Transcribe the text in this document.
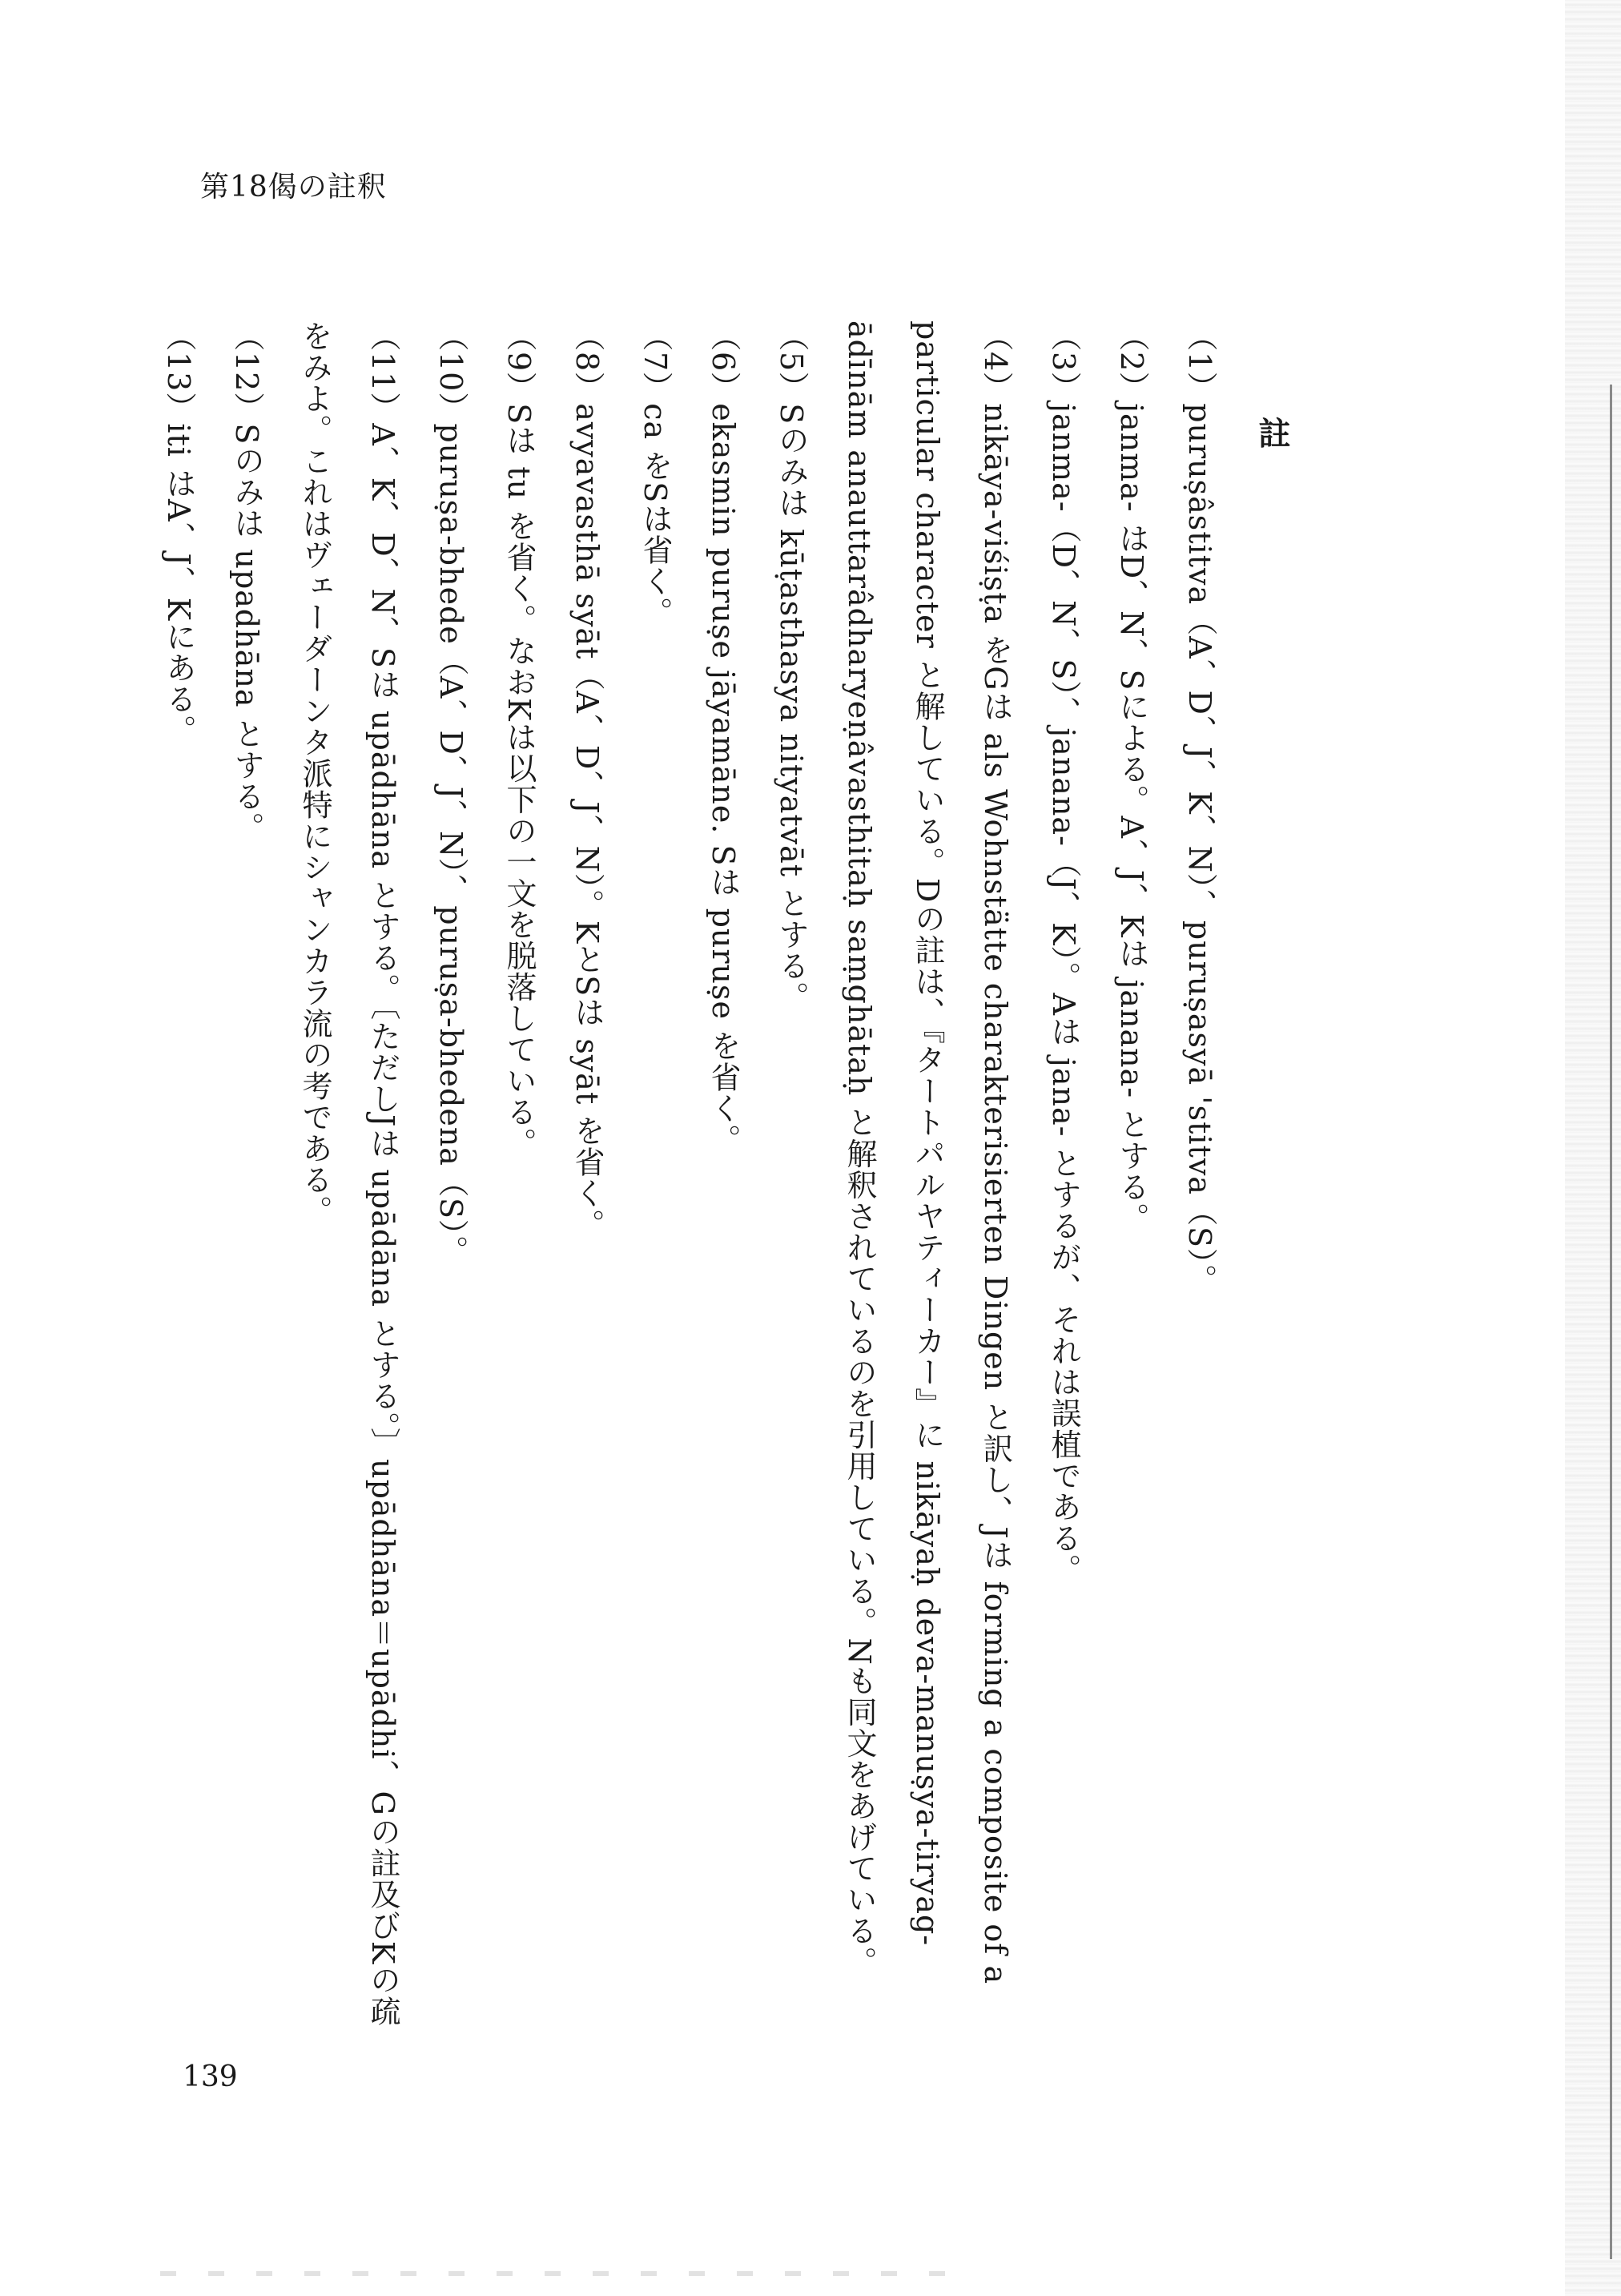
第18偈の註釈
註

（1）puruṣâstitva（A、D、J、K、N）、puruṣasyā 'stitva（S）。

（2）janma- はD、N、Sによる。A、J、Kは janana- とする。

（3）janma-（D、N、S）、janana-（J、K）。Aは jana- とするが、それは誤植である。

（4）nikāya-viśiṣṭa をGは als Wohnstätte charakterisierten Dingen と訳し、Jは forming a composite of a particular character と解している。Dの註は、『タートパルヤティーカー』に nikāyaḥ deva-manuṣya-tiryag-ādīnām anauttarâdharyeṇâvasthitaḥ saṃghātaḥ と解釈されているのを引用している。Nも同文をあげている。

（5）Sのみは kūṭasthasya nityatvāt とする。

（6）ekasmin puruṣe jāyamāne. Sは puruṣe を省く。

（7）ca をSは省く。

（8）avyavasthā syāt（A、D、J、N）。KとSは syāt を省く。

（9）Sは tu を省く。なおKは以下の一文を脱落している。

（10）puruṣa-bhede（A、D、J、N）、puruṣa-bhedena（S）。

（11）A、K、D、N、Sは upādhāna とする。〔ただしJは upādāna とする。〕upādhāna＝upādhi、Gの註及びKの疏をみよ。これはヴェーダーンタ派特にシャンカラ流の考である。

（12）Sのみは upadhāna とする。

（13）iti はA、J、Kにある。

139
